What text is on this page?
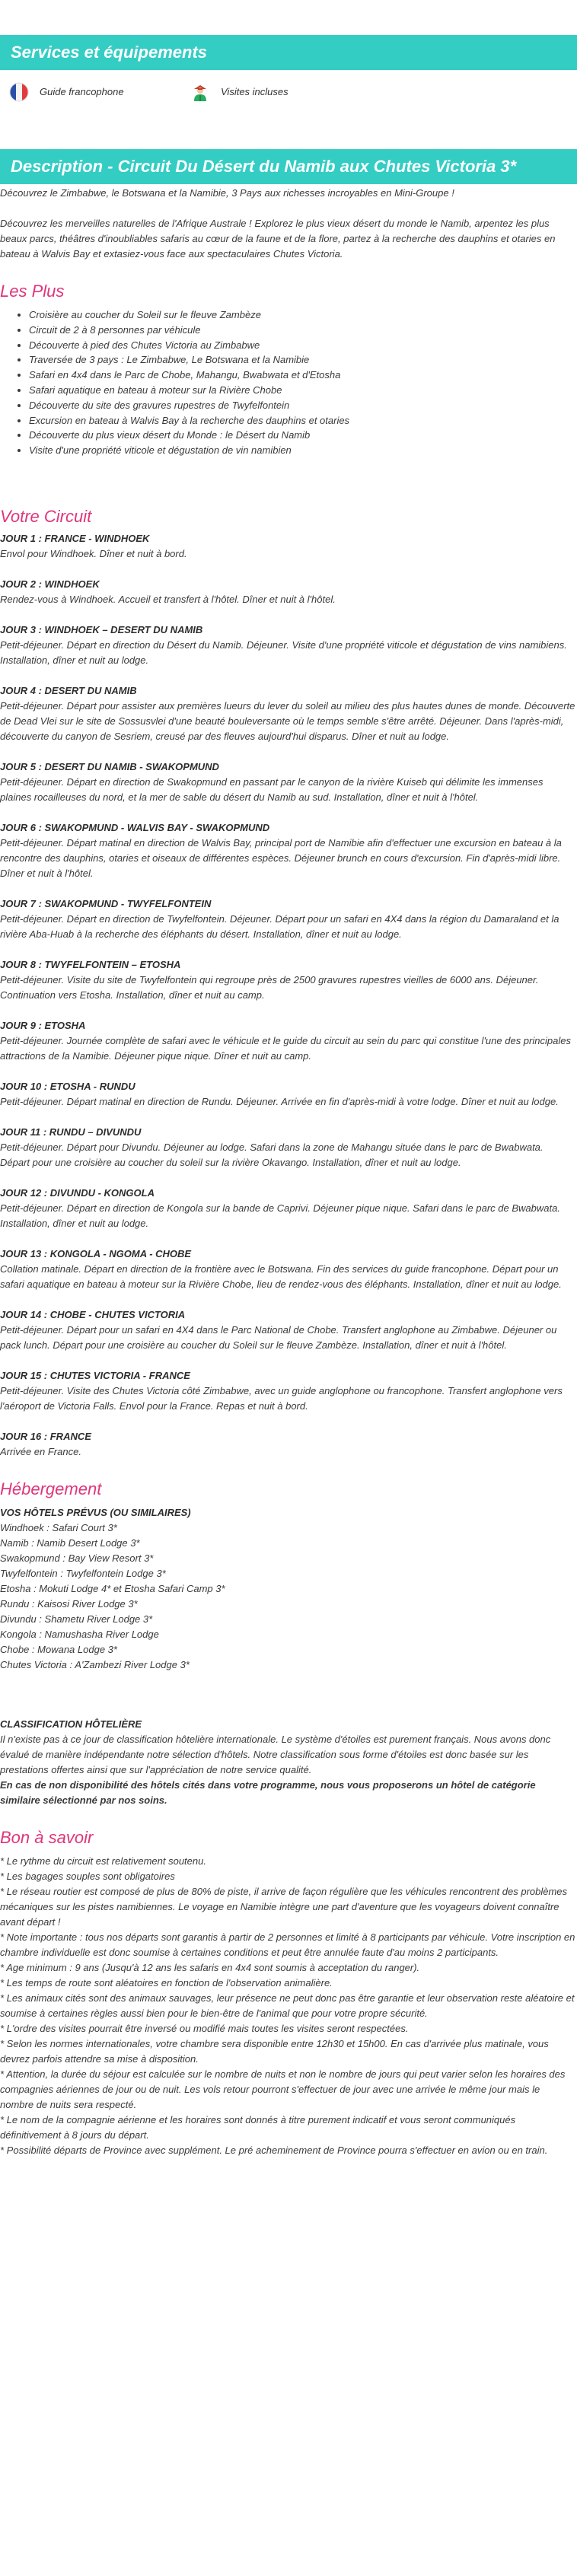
Services et équipements
Guide francophone	Visites incluses
Description - Circuit Du Désert du Namib aux Chutes Victoria 3*

Découvrez le Zimbabwe, le Botswana et la Namibie, 3 Pays aux richesses incroyables en Mini-Groupe !

Découvrez les merveilles naturelles de l'Afrique Australe ! Explorez le plus vieux désert du monde le Namib, arpentez les plus beaux parcs, théâtres d'inoubliables safaris au cœur de la faune et de la flore, partez à la recherche des dauphins et otaries en bateau à Walvis Bay et extasiez-vous face aux spectaculaires Chutes Victoria.

Les Plus
• Croisière au coucher du Soleil sur le fleuve Zambèze
• Circuit de 2 à 8 personnes par véhicule
• Découverte à pied des Chutes Victoria au Zimbabwe
• Traversée de 3 pays : Le Zimbabwe, Le Botswana et la Namibie
• Safari en 4x4 dans le Parc de Chobe, Mahangu, Bwabwata et d'Etosha
• Safari aquatique en bateau à moteur sur la Rivière Chobe
• Découverte du site des gravures rupestres de Twyfelfontein
• Excursion en bateau à Walvis Bay à la recherche des dauphins et otaries
• Découverte du plus vieux désert du Monde : le Désert du Namib
• Visite d'une propriété viticole et dégustation de vin namibien
Votre Circuit

JOUR 1 : FRANCE - WINDHOEK

Envol pour Windhoek. Dîner et nuit à bord.

JOUR 2 : WINDHOEK

Rendez-vous à Windhoek. Accueil et transfert à l'hôtel. Dîner et nuit à l'hôtel.

JOUR 3 : WINDHOEK – DESERT DU NAMIB

Petit-déjeuner. Départ en direction du Désert du Namib. Déjeuner. Visite d'une propriété viticole et dégustation de vins namibiens. Installation, dîner et nuit au lodge.

JOUR 4 : DESERT DU NAMIB

Petit-déjeuner. Départ pour assister aux premières lueurs du lever du soleil au milieu des plus hautes dunes de monde. Découverte de Dead Vlei sur le site de Sossusvlei d'une beauté bouleversante où le temps semble s'être arrêté. Déjeuner. Dans l'après-midi, découverte du canyon de Sesriem, creusé par des fleuves aujourd'hui disparus. Dîner et nuit au lodge.

JOUR 5 : DESERT DU NAMIB - SWAKOPMUND

Petit-déjeuner. Départ en direction de Swakopmund en passant par le canyon de la rivière Kuiseb qui délimite les immenses plaines rocailleuses du nord, et la mer de sable du désert du Namib au sud. Installation, dîner et nuit à l'hôtel.

JOUR 6 : SWAKOPMUND - WALVIS BAY - SWAKOPMUND

Petit-déjeuner. Départ matinal en direction de Walvis Bay, principal port de Namibie afin d'effectuer une excursion en bateau à la rencontre des dauphins, otaries et oiseaux de différentes espèces. Déjeuner brunch en cours d'excursion. Fin d'après-midi libre. Dîner et nuit à l'hôtel.

JOUR 7 : SWAKOPMUND - TWYFELFONTEIN

Petit-déjeuner. Départ en direction de Twyfelfontein. Déjeuner. Départ pour un safari en 4X4 dans la région du Damaraland et la rivière Aba-Huab à la recherche des éléphants du désert. Installation, dîner et nuit au lodge.

JOUR 8 : TWYFELFONTEIN – ETOSHA

Petit-déjeuner. Visite du site de Twyfelfontein qui regroupe près de 2500 gravures rupestres vieilles de 6000 ans. Déjeuner. Continuation vers Etosha. Installation, dîner et nuit au camp.

JOUR 9 : ETOSHA

Petit-déjeuner. Journée complète de safari avec le véhicule et le guide du circuit au sein du parc qui constitue l'une des principales attractions de la Namibie. Déjeuner pique nique. Dîner et nuit au camp.

JOUR 10 : ETOSHA - RUNDU

Petit-déjeuner. Départ matinal en direction de Rundu. Déjeuner. Arrivée en fin d'après-midi à votre lodge. Dîner et nuit au lodge.

JOUR 11 : RUNDU – DIVUNDU

Petit-déjeuner. Départ pour Divundu. Déjeuner au lodge. Safari dans la zone de Mahangu située dans le parc de Bwabwata. Départ pour une croisière au coucher du soleil sur la rivière Okavango. Installation, dîner et nuit au lodge.

JOUR 12 : DIVUNDU - KONGOLA

Petit-déjeuner. Départ en direction de Kongola sur la bande de Caprivi. Déjeuner pique nique. Safari dans le parc de Bwabwata. Installation, dîner et nuit au lodge.

JOUR 13 : KONGOLA - NGOMA - CHOBE

Collation matinale. Départ en direction de la frontière avec le Botswana. Fin des services du guide francophone. Départ pour un safari aquatique en bateau à moteur sur la Rivière Chobe, lieu de rendez-vous des éléphants. Installation, dîner et nuit au lodge.

JOUR 14 : CHOBE - CHUTES VICTORIA

Petit-déjeuner. Départ pour un safari en 4X4 dans le Parc National de Chobe. Transfert anglophone au Zimbabwe. Déjeuner ou pack lunch. Départ pour une croisière au coucher du Soleil sur le fleuve Zambèze. Installation, dîner et nuit à l'hôtel.

JOUR 15 : CHUTES VICTORIA - FRANCE

Petit-déjeuner. Visite des Chutes Victoria côté Zimbabwe, avec un guide anglophone ou francophone. Transfert anglophone vers l'aéroport de Victoria Falls. Envol pour la France. Repas et nuit à bord.

JOUR 16 : FRANCE

Arrivée en France.

Hébergement

VOS HÔTELS PRÉVUS (OU SIMILAIRES)

Windhoek : Safari Court 3*

Namib : Namib Desert Lodge 3*

Swakopmund : Bay View Resort 3*

Twyfelfontein : Twyfelfontein Lodge 3*

Etosha : Mokuti Lodge 4* et Etosha Safari Camp 3*

Rundu : Kaisosi River Lodge 3*

Divundu : Shametu River Lodge 3*

Kongola : Namushasha River Lodge

Chobe : Mowana Lodge 3*

Chutes Victoria : A'Zambezi River Lodge 3*

CLASSIFICATION HÔTELIÈRE

Il n'existe pas à ce jour de classification hôtelière internationale. Le système d'étoiles est purement français. Nous avons donc évalué de manière indépendante notre sélection d'hôtels. Notre classification sous forme d'étoiles est donc basée sur les prestations offertes ainsi que sur l'appréciation de notre service qualité.

En cas de non disponibilité des hôtels cités dans votre programme, nous vous proposerons un hôtel de catégorie similaire sélectionné par nos soins.

Bon à savoir

* Le rythme du circuit est relativement soutenu.

* Les bagages souples sont obligatoires

* Le réseau routier est composé de plus de 80% de piste, il arrive de façon régulière que les véhicules rencontrent des problèmes mécaniques sur les pistes namibiennes. Le voyage en Namibie intègre une part d'aventure que les voyageurs doivent connaître avant départ !

* Note importante : tous nos départs sont garantis à partir de 2 personnes et limité à 8 participants par véhicule. Votre inscription en chambre individuelle est donc soumise à certaines conditions et peut être annulée faute d'au moins 2 participants.

* Age minimum : 9 ans (Jusqu'à 12 ans les safaris en 4x4 sont soumis à acceptation du ranger).

* Les temps de route sont aléatoires en fonction de l'observation animalière.

* Les animaux cités sont des animaux sauvages, leur présence ne peut donc pas être garantie et leur observation reste aléatoire et soumise à certaines règles aussi bien pour le bien-être de l'animal que pour votre propre sécurité.

* L'ordre des visites pourrait être inversé ou modifié mais toutes les visites seront respectées.

* Selon les normes internationales, votre chambre sera disponible entre 12h30 et 15h00. En cas d'arrivée plus matinale, vous devrez parfois attendre sa mise à disposition.

* Attention, la durée du séjour est calculée sur le nombre de nuits et non le nombre de jours qui peut varier selon les horaires des compagnies aériennes de jour ou de nuit. Les vols retour pourront s'effectuer de jour avec une arrivée le même jour mais le nombre de nuits sera respecté.

* Le nom de la compagnie aérienne et les horaires sont donnés à titre purement indicatif et vous seront communiqués définitivement à 8 jours du départ.

* Possibilité départs de Province avec supplément. Le pré acheminement de Province pourra s'effectuer en avion ou en train.
